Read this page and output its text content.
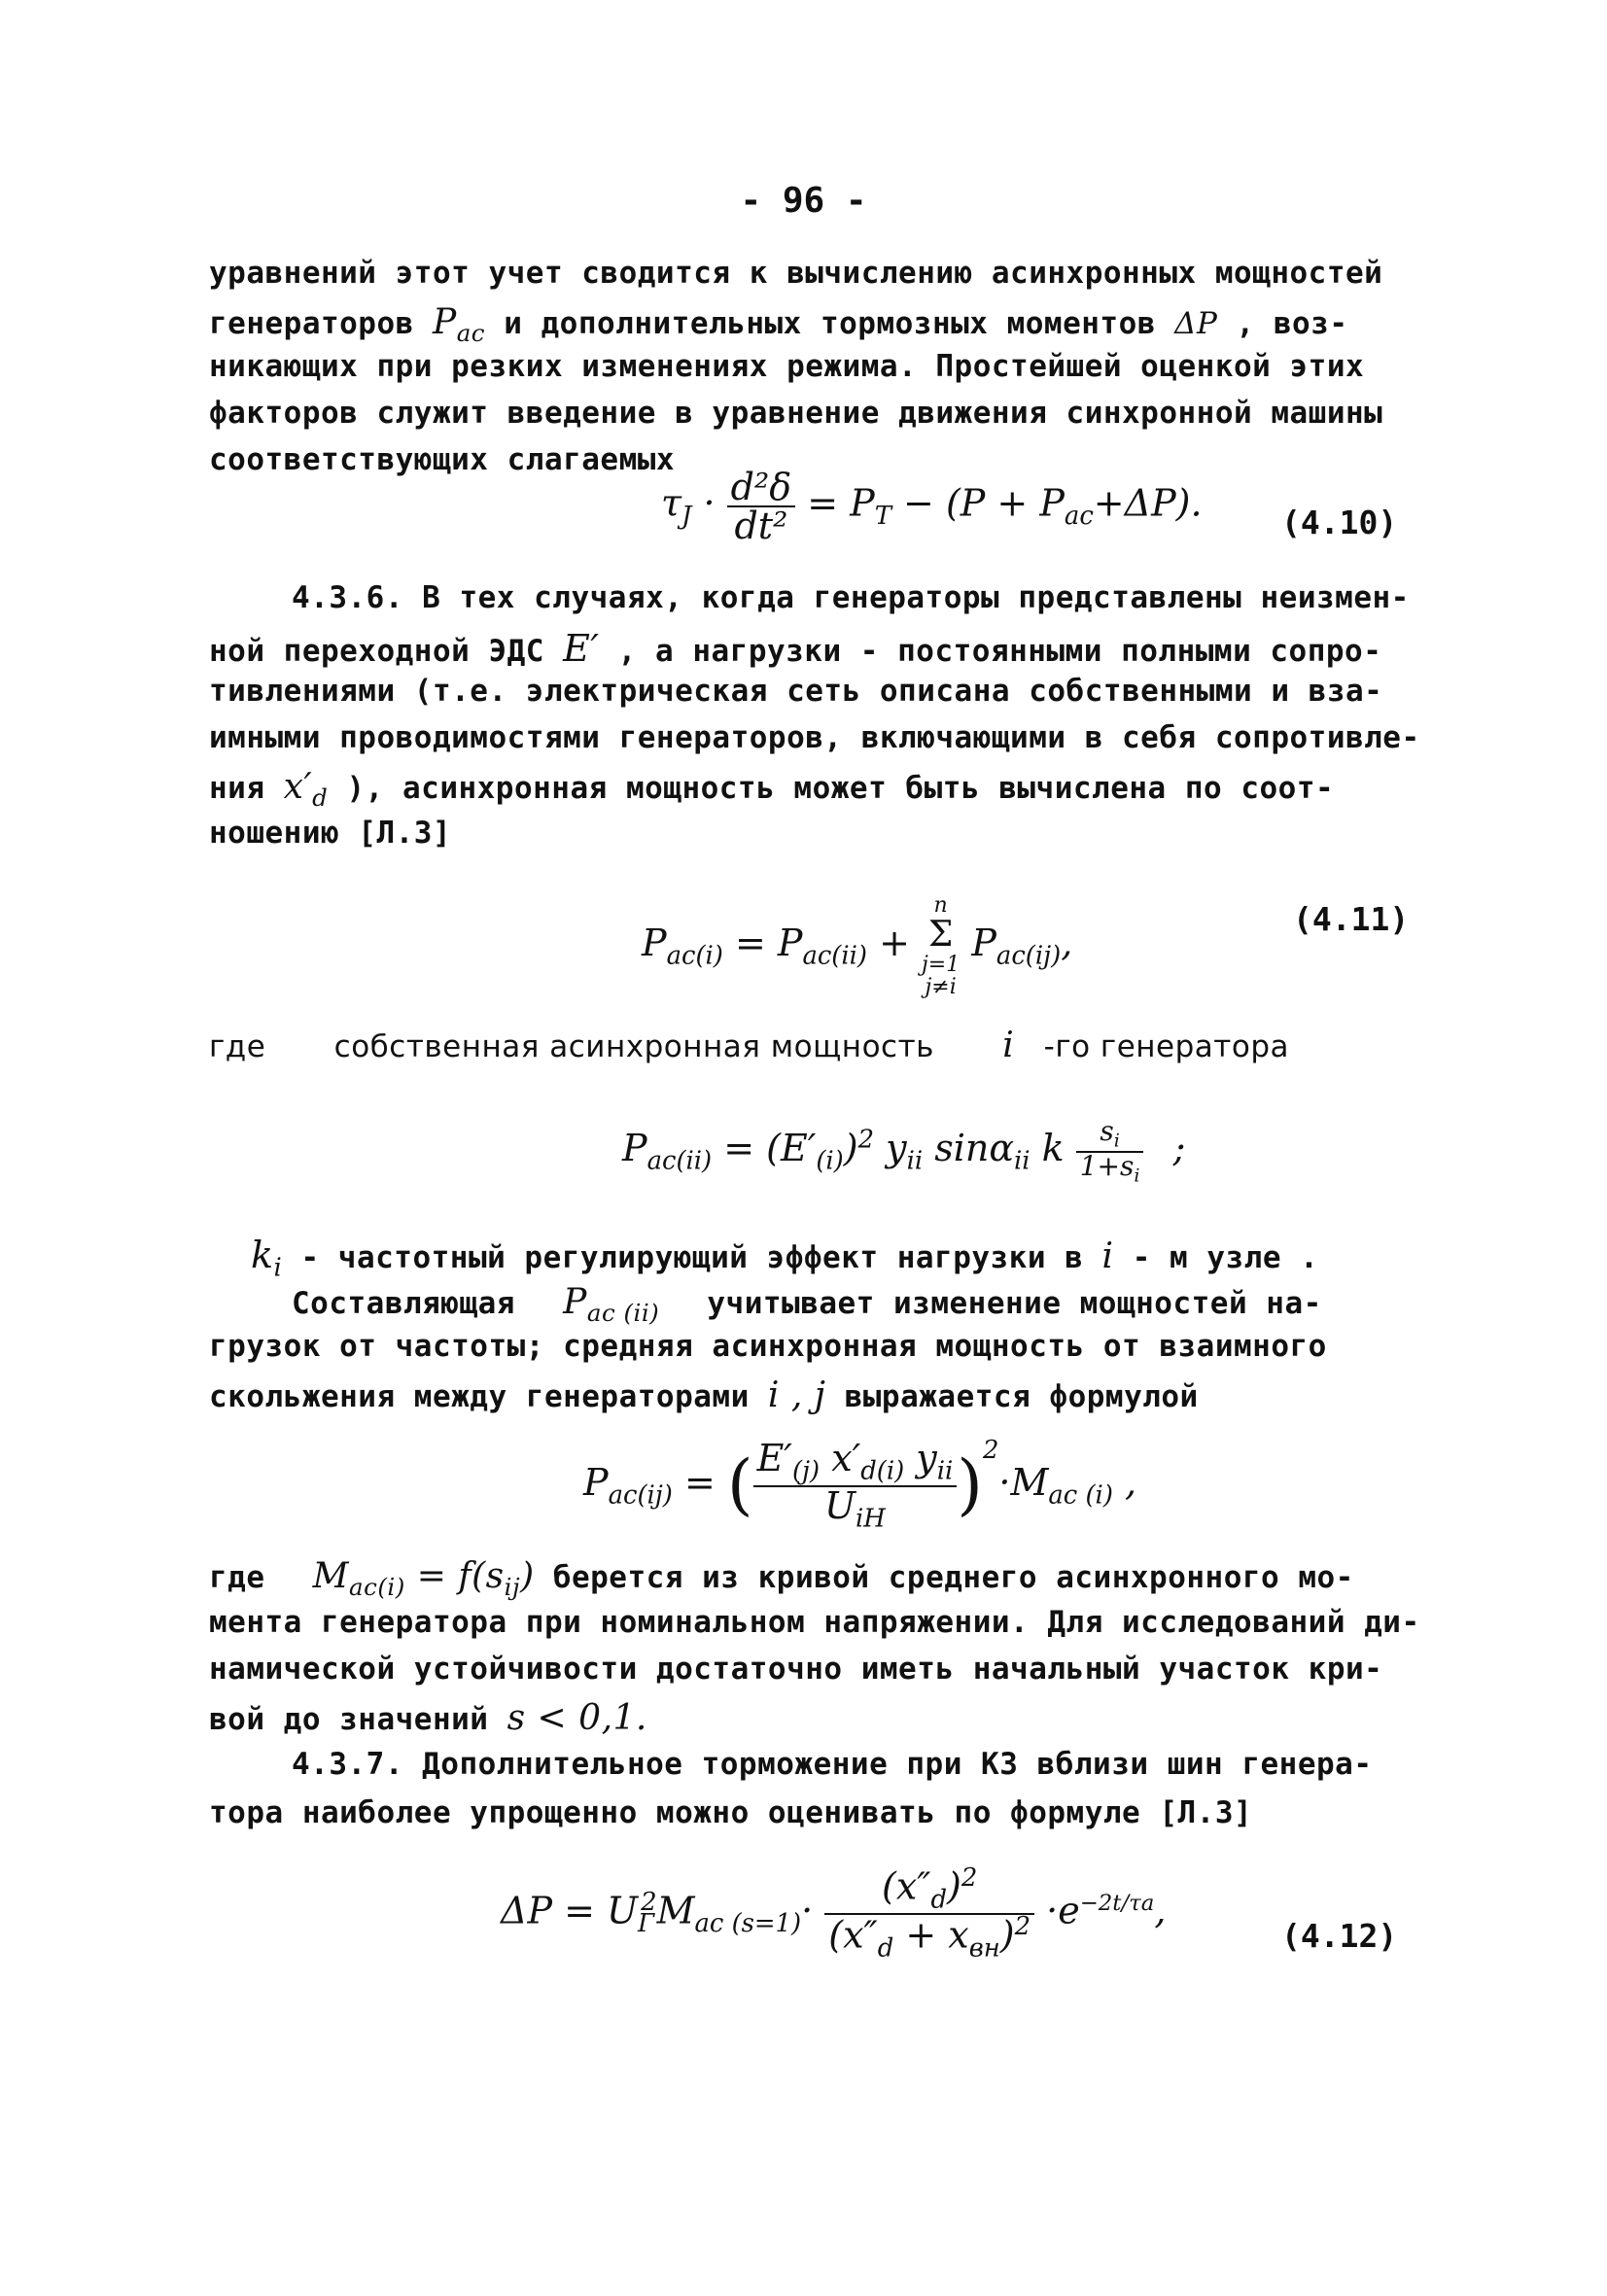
- 96 -
уравнений этот учет сводится к вычислению асинхронных мощностей
генераторов $P_{ac}$ и дополнительных тормозных моментов ΔP , воз-
никающих при резких изменениях режима. Простейшей оценкой этих
факторов служит введение в уравнение движения синхронной машины
соответствующих слагаемых
$\tau_J \cdot \frac{\text{d²δ}}{\text{dt²}} = P_T - (P + P_{ac}+\Delta P)$. (4.10)
4.3.6. В тех случаях, когда генераторы представлены неизмен-
ной переходной ЭДС E′ , а нагрузки - постоянными полными сопро-
тивлениями (т.е. электрическая сеть описана собственными и вза-
имными проводимостями генераторов, включающими в себя сопротивле-
ния $x'_d$ ), асинхронная мощность может быть вычислена по соот-
ношению [Л.3]
$P_{ac(i)} = P_{ac(ii)}$ +
n
Σ
j=1
j≠i
$P_{ac(ij)}$,
(4.11)
где собственная асинхронная мощность i -го генератора
$P_{ac(ii)} = (E'_{(i)})^2$ $y_{ii}$ sinα$_{ii}$ k $\frac{s_i}{1+s_i}$ ;
$k_i$ - частотный регулирующий эффект нагрузки в i - м узле .
Составляющая $P_{ac (ii)}$ учитывает изменение мощностей на-
грузок от частоты; средняя асинхронная мощность от взаимного
скольжения между генераторами i , j выражается формулой
$P_{ac(ij)}$ = ( $\frac{E'_{(j)} x'_{d(i)} y_{ii}}{U_{iH}} )^2\cdot M_{ac (i)}$ ,
где $M_{ac(i)} = f(s_{ij})$ берется из кривой среднего асинхронного мо-
мента генератора при номинальном напряжении. Для исследований ди-
намической устойчивости достаточно иметь начальный участок кри-
вой до значений s < 0,1.
4.3.7. Дополнительное торможение при КЗ вблизи шин генера-
тора наиболее упрощенно можно оценивать по формуле [Л.3]
$\Delta P = U_Г^2M_{ac (s=1)}\cdot \frac{(x''_d)^2}{(x''_d + x_{вн})^2} \cdot e^{-2t/\tau a}$,
(4.12)
